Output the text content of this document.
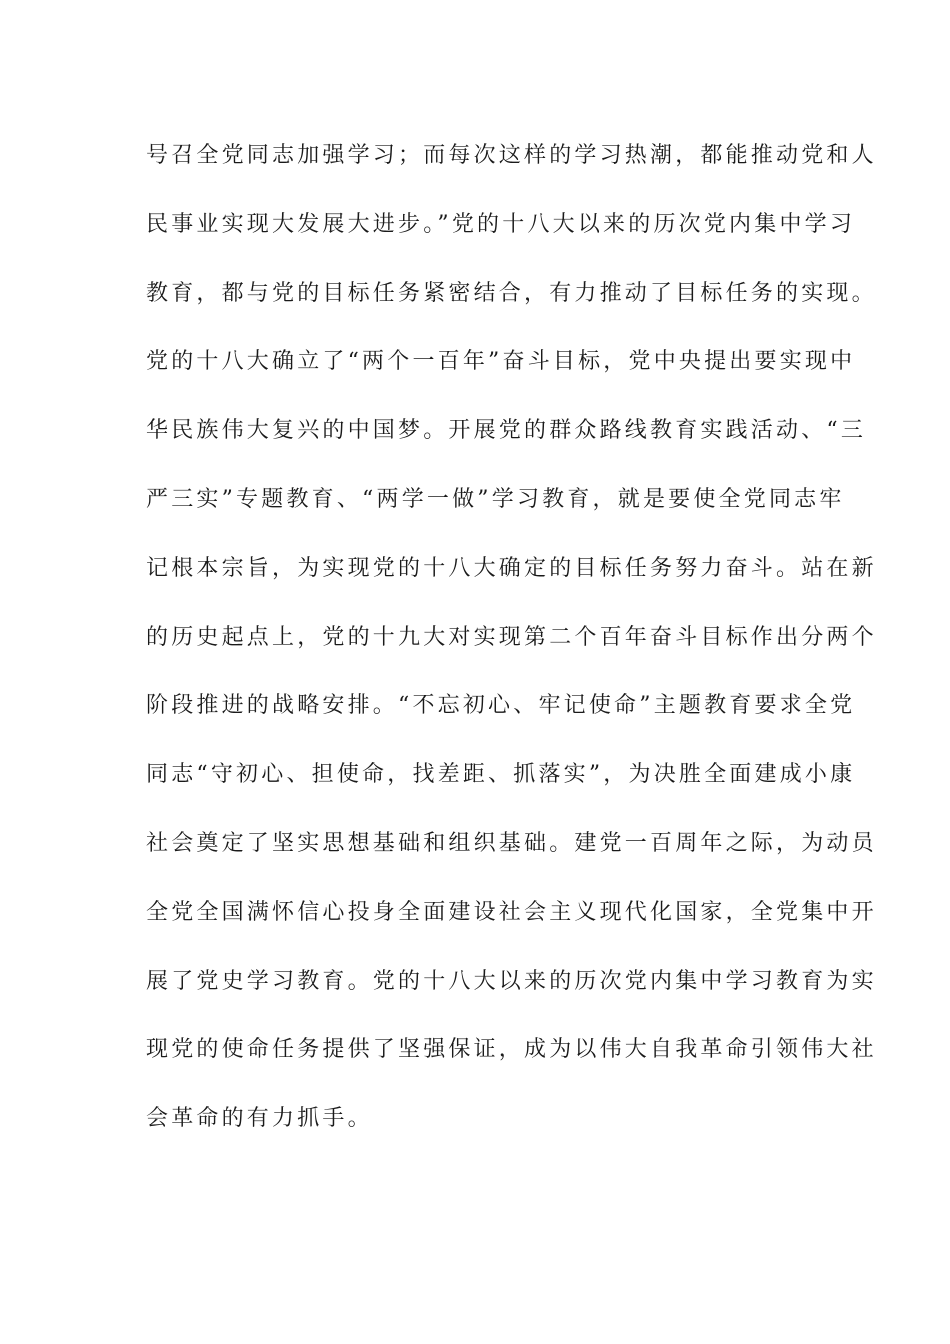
号召全党同志加强学习；而每次这样的学习热潮，都能推动党和人

民事业实现大发展大进步。”党的十八大以来的历次党内集中学习

教育，都与党的目标任务紧密结合，有力推动了目标任务的实现。

党的十八大确立了“两个一百年”奋斗目标，党中央提出要实现中

华民族伟大复兴的中国梦。开展党的群众路线教育实践活动、“三

严三实”专题教育、“两学一做”学习教育，就是要使全党同志牢

记根本宗旨，为实现党的十八大确定的目标任务努力奋斗。站在新

的历史起点上，党的十九大对实现第二个百年奋斗目标作出分两个

阶段推进的战略安排。“不忘初心、牢记使命”主题教育要求全党

同志“守初心、担使命，找差距、抓落实”，为决胜全面建成小康

社会奠定了坚实思想基础和组织基础。建党一百周年之际，为动员

全党全国满怀信心投身全面建设社会主义现代化国家，全党集中开

展了党史学习教育。党的十八大以来的历次党内集中学习教育为实

现党的使命任务提供了坚强保证，成为以伟大自我革命引领伟大社

会革命的有力抓手。
